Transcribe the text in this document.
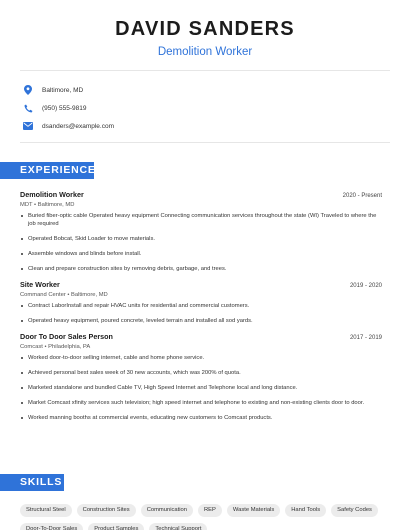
DAVID SANDERS
Demolition Worker
Baltimore, MD
(950) 555-9819
dsanders@example.com
EXPERIENCE
Demolition Worker	2020 - Present
MDT • Baltimore, MD
Buried fiber-optic cable Operated heavy equipment Connecting communication services throughout the state (WI) Traveled to where the job required
Operated Bobcat, Skid Loader to move materials.
Assemble windows and blinds before install.
Clean and prepare construction sites by removing debris, garbage, and trees.
Site Worker	2019 - 2020
Command Center • Baltimore, MD
Contract LaborInstall and repair HVAC units for residential and commercial customers.
Operated heavy equipment, poured concrete, leveled terrain and installed all sod yards.
Door To Door Sales Person	2017 - 2019
Comcast • Philadelphia, PA
Worked door-to-door selling internet, cable and home phone service.
Achieved personal best sales week of 30 new accounts, which was 200% of quota.
Marketed standalone and bundled Cable TV, High Speed Internet and Telephone local and long distance.
Market Comcast xfinity services such television; high speed internet and telephone to existing and non-existing clients door to door.
Worked manning booths at commercial events, educating new customers to Comcast products.
SKILLS
Structural Steel	Construction Sites	Communication	REP	Waste Materials	Hand Tools	Safety Codes
Door-To-Door Sales	Product Samples	Technical Support
